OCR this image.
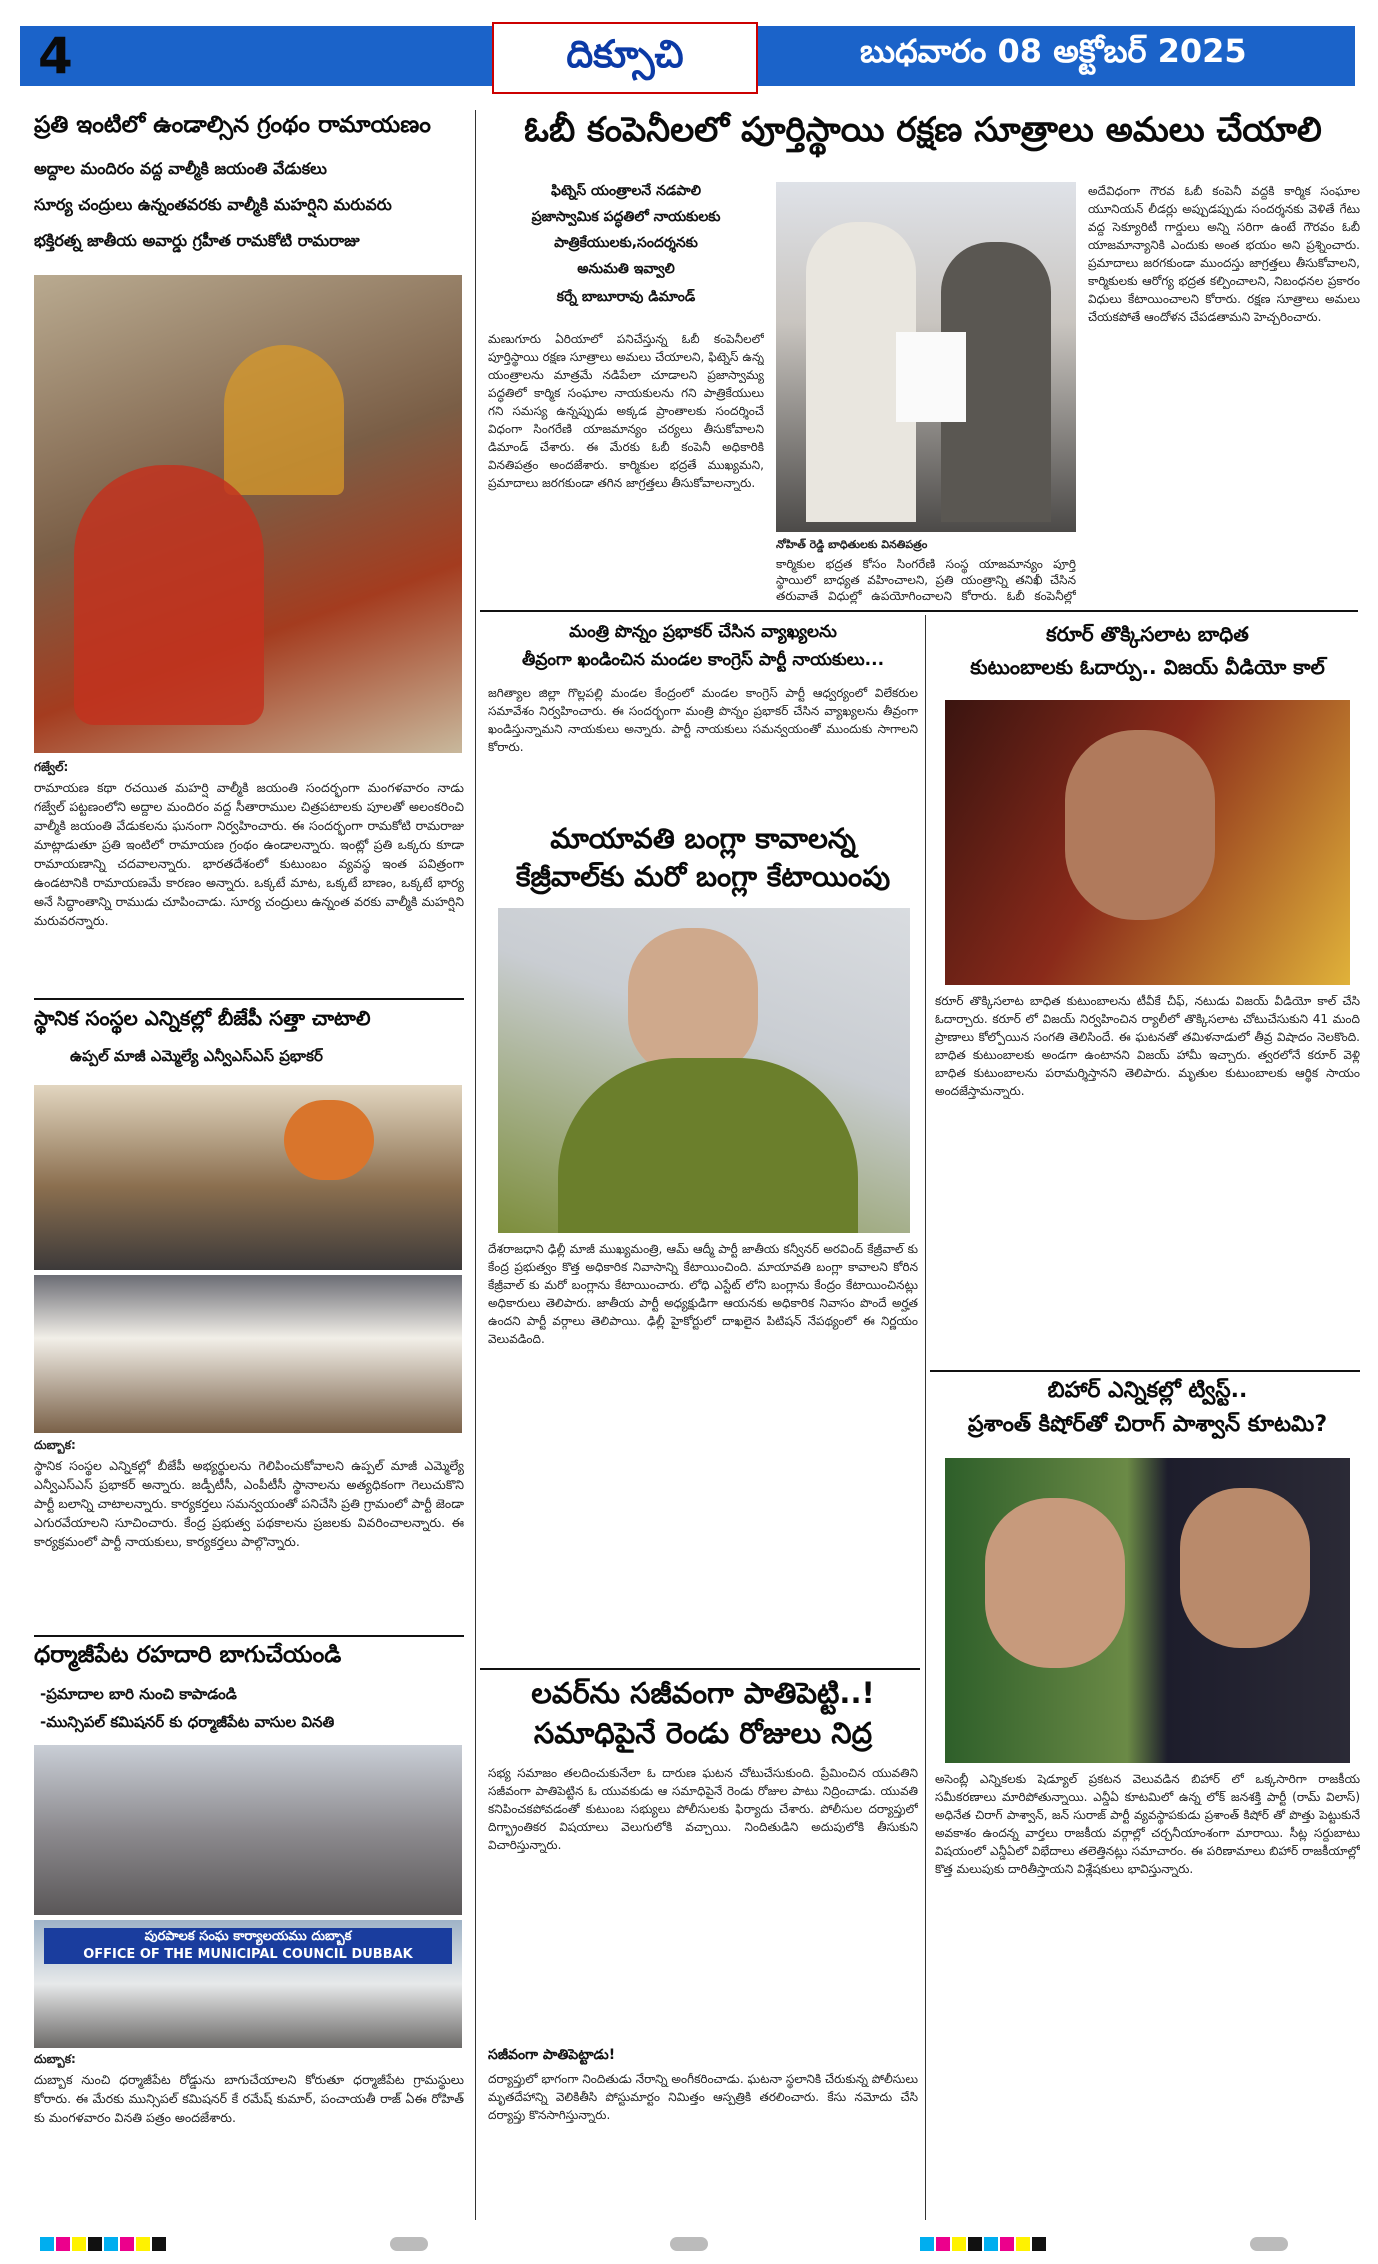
4	దిక్సూచి	బుధవారం 08 అక్టోబర్ 2025
ప్రతి ఇంటిలో ఉండాల్సిన గ్రంథం రామాయణం
అద్దాల మందిరం వద్ద వాల్మీకి జయంతి వేడుకలు
సూర్య చంద్రులు ఉన్నంతవరకు వాల్మీకి మహర్షిని మరువరు
భక్తిరత్న జాతీయ అవార్డు గ్రహీత రామకోటి రామరాజు
గజ్వేల్:
రామాయణ కథా రచయిత మహర్షి వాల్మీకి జయంతి సందర్భంగా మంగళవారం నాడు గజ్వేల్ పట్టణంలోని అద్దాల మందిరం వద్ద సీతారాముల చిత్రపటాలకు పూలతో అలంకరించి వాల్మీకి జయంతి వేడుకలను ఘనంగా నిర్వహించారు. ఈ సందర్భంగా రామకోటి రామరాజు మాట్లాడుతూ ప్రతి ఇంటిలో రామాయణ గ్రంథం ఉండాలన్నారు. ఇంట్లో ప్రతి ఒక్కరు కూడా రామాయణాన్ని చదవాలన్నారు. భారతదేశంలో కుటుంబం వ్యవస్థ ఇంత పవిత్రంగా ఉండటానికి రామాయణమే కారణం అన్నారు. ఒక్కటే మాట, ఒక్కటే బాణం, ఒక్కటే భార్య అనే సిద్ధాంతాన్ని రాముడు చూపించాడు. సూర్య చంద్రులు ఉన్నంత వరకు వాల్మీకి మహర్షిని మరువరన్నారు.
స్థానిక సంస్థల ఎన్నికల్లో బీజేపీ సత్తా చాటాలి
ఉప్పల్ మాజీ ఎమ్మెల్యే ఎన్వీఎస్ఎస్ ప్రభాకర్
దుబ్బాక:
స్థానిక సంస్థల ఎన్నికల్లో బీజేపీ అభ్యర్థులను గెలిపించుకోవాలని ఉప్పల్ మాజీ ఎమ్మెల్యే ఎన్వీఎస్ఎస్ ప్రభాకర్ అన్నారు. జడ్పీటీసీ, ఎంపీటీసీ స్థానాలను అత్యధికంగా గెలుచుకొని పార్టీ బలాన్ని చాటాలన్నారు. కార్యకర్తలు సమన్వయంతో పనిచేసి ప్రతి గ్రామంలో పార్టీ జెండా ఎగురవేయాలని సూచించారు. కేంద్ర ప్రభుత్వ పథకాలను ప్రజలకు వివరించాలన్నారు. ఈ కార్యక్రమంలో పార్టీ నాయకులు, కార్యకర్తలు పాల్గొన్నారు.
ధర్మాజీపేట రహదారి బాగుచేయండి
-ప్రమాదాల బారి నుంచి కాపాడండి
-మున్సిపల్ కమిషనర్ కు ధర్మాజీపేట వాసుల వినతి
పురపాలక సంఘ కార్యాలయము దుబ్బాక
OFFICE OF THE MUNICIPAL COUNCIL DUBBAK
దుబ్బాక:
దుబ్బాక నుంచి ధర్మాజీపేట రోడ్డును బాగుచేయాలని కోరుతూ ధర్మాజీపేట గ్రామస్థులు కోరారు. ఈ మేరకు మున్సిపల్ కమిషనర్ కే రమేష్ కుమార్, పంచాయతీ రాజ్ ఏఈ రోహిత్ కు మంగళవారం వినతి పత్రం అందజేశారు.
ఓబీ కంపెనీలలో పూర్తిస్థాయి రక్షణ సూత్రాలు అమలు చేయాలి
ఫిట్నెస్ యంత్రాలనే నడపాలి
ప్రజాస్వామిక పద్ధతిలో నాయకులకు
పాత్రికేయులకు,సందర్శనకు
అనుమతి ఇవ్వాలి
కర్నే బాబూరావు డిమాండ్
మణుగూరు ఏరియాలో పనిచేస్తున్న ఓబీ కంపెనీలలో పూర్తిస్థాయి రక్షణ సూత్రాలు అమలు చేయాలని, ఫిట్నెస్ ఉన్న యంత్రాలను మాత్రమే నడిపేలా చూడాలని ప్రజాస్వామ్య పద్ధతిలో కార్మిక సంఘాల నాయకులను గని పాత్రికేయులు గని సమస్య ఉన్నప్పుడు అక్కడ ప్రాంతాలకు సందర్శించే విధంగా సింగరేణి యాజమాన్యం చర్యలు తీసుకోవాలని డిమాండ్ చేశారు. ఈ మేరకు ఓబీ కంపెనీ అధికారికి వినతిపత్రం అందజేశారు. కార్మికుల భద్రతే ముఖ్యమని, ప్రమాదాలు జరగకుండా తగిన జాగ్రత్తలు తీసుకోవాలన్నారు.
నోహిత్ రెడ్డి బాధితులకు వినతిపత్రం
కార్మికుల భద్రత కోసం సింగరేణి సంస్థ యాజమాన్యం పూర్తి స్థాయిలో బాధ్యత వహించాలని, ప్రతి యంత్రాన్ని తనిఖీ చేసిన తరువాతే విధుల్లో ఉపయోగించాలని కోరారు. ఓబీ కంపెనీల్లో
అదేవిధంగా గౌరవ ఓబీ కంపెనీ వద్దకి కార్మిక సంఘాల యూనియన్ లీడర్లు అప్పుడప్పుడు సందర్శనకు వెళితే గేటు వద్ద సెక్యూరిటీ గార్డులు అన్ని సరిగా ఉంటే గౌరవం ఓబీ యాజమాన్యానికి ఎందుకు అంత భయం అని ప్రశ్నించారు. ప్రమాదాలు జరగకుండా ముందస్తు జాగ్రత్తలు తీసుకోవాలని, కార్మికులకు ఆరోగ్య భద్రత కల్పించాలని, నిబంధనల ప్రకారం విధులు కేటాయించాలని కోరారు. రక్షణ సూత్రాలు అమలు చేయకపోతే ఆందోళన చేపడతామని హెచ్చరించారు.
మంత్రి పొన్నం ప్రభాకర్ చేసిన వ్యాఖ్యలను
తీవ్రంగా ఖండించిన మండల కాంగ్రెస్ పార్టీ నాయకులు...
జగిత్యాల జిల్లా గొల్లపల్లి మండల కేంద్రంలో మండల కాంగ్రెస్ పార్టీ ఆధ్వర్యంలో విలేకరుల సమావేశం నిర్వహించారు. ఈ సందర్భంగా మంత్రి పొన్నం ప్రభాకర్ చేసిన వ్యాఖ్యలను తీవ్రంగా ఖండిస్తున్నామని నాయకులు అన్నారు. పార్టీ నాయకులు సమన్వయంతో ముందుకు సాగాలని కోరారు.
మాయావతి బంగ్లా కావాలన్న
కేజ్రీవాల్‌కు మరో బంగ్లా కేటాయింపు
దేశరాజధాని ఢిల్లీ మాజీ ముఖ్యమంత్రి, ఆమ్ ఆద్మీ పార్టీ జాతీయ కన్వీనర్ అరవింద్ కేజ్రీవాల్ కు కేంద్ర ప్రభుత్వం కొత్త అధికారిక నివాసాన్ని కేటాయించింది. మాయావతి బంగ్లా కావాలని కోరిన కేజ్రీవాల్ కు మరో బంగ్లాను కేటాయించారు. లోధి ఎస్టేట్ లోని బంగ్లాను కేంద్రం కేటాయించినట్లు అధికారులు తెలిపారు. జాతీయ పార్టీ అధ్యక్షుడిగా ఆయనకు అధికారిక నివాసం పొందే అర్హత ఉందని పార్టీ వర్గాలు తెలిపాయి. ఢిల్లీ హైకోర్టులో దాఖలైన పిటిషన్ నేపథ్యంలో ఈ నిర్ణయం వెలువడింది.
లవర్‌ను సజీవంగా పాతిపెట్టి..!
సమాధిపైనే రెండు రోజులు నిద్ర
సభ్య సమాజం తలదించుకునేలా ఓ దారుణ ఘటన చోటుచేసుకుంది. ప్రేమించిన యువతిని సజీవంగా పాతిపెట్టిన ఓ యువకుడు ఆ సమాధిపైనే రెండు రోజుల పాటు నిద్రించాడు. యువతి కనిపించకపోవడంతో కుటుంబ సభ్యులు పోలీసులకు ఫిర్యాదు చేశారు. పోలీసుల దర్యాప్తులో దిగ్భ్రాంతికర విషయాలు వెలుగులోకి వచ్చాయి. నిందితుడిని అదుపులోకి తీసుకుని విచారిస్తున్నారు.
సజీవంగా పాతిపెట్టాడు!
దర్యాప్తులో భాగంగా నిందితుడు నేరాన్ని అంగీకరించాడు. ఘటనా స్థలానికి చేరుకున్న పోలీసులు మృతదేహాన్ని వెలికితీసి పోస్టుమార్టం నిమిత్తం ఆస్పత్రికి తరలించారు. కేసు నమోదు చేసి దర్యాప్తు కొనసాగిస్తున్నారు.
కరూర్ తొక్కిసలాట బాధిత
కుటుంబాలకు ఓదార్పు.. విజయ్ వీడియో కాల్
కరూర్ తొక్కిసలాట బాధిత కుటుంబాలను టీవీకే చీఫ్, నటుడు విజయ్ వీడియో కాల్ చేసి ఓదార్చారు. కరూర్ లో విజయ్ నిర్వహించిన ర్యాలీలో తొక్కిసలాట చోటుచేసుకుని 41 మంది ప్రాణాలు కోల్పోయిన సంగతి తెలిసిందే. ఈ ఘటనతో తమిళనాడులో తీవ్ర విషాదం నెలకొంది. బాధిత కుటుంబాలకు అండగా ఉంటానని విజయ్ హామీ ఇచ్చారు. త్వరలోనే కరూర్ వెళ్లి బాధిత కుటుంబాలను పరామర్శిస్తానని తెలిపారు. మృతుల కుటుంబాలకు ఆర్థిక సాయం అందజేస్తామన్నారు.
బిహార్ ఎన్నికల్లో ట్విస్ట్..
ప్రశాంత్ కిషోర్‌తో చిరాగ్ పాశ్వాన్ కూటమి?
అసెంబ్లీ ఎన్నికలకు షెడ్యూల్ ప్రకటన వెలువడిన బిహార్ లో ఒక్కసారిగా రాజకీయ సమీకరణాలు మారిపోతున్నాయి. ఎన్డీఏ కూటమిలో ఉన్న లోక్ జనశక్తి పార్టీ (రామ్ విలాస్) అధినేత చిరాగ్ పాశ్వాన్, జన్ సురాజ్ పార్టీ వ్యవస్థాపకుడు ప్రశాంత్ కిషోర్ తో పొత్తు పెట్టుకునే అవకాశం ఉందన్న వార్తలు రాజకీయ వర్గాల్లో చర్చనీయాంశంగా మారాయి. సీట్ల సర్దుబాటు విషయంలో ఎన్డీఏలో విభేదాలు తలెత్తినట్లు సమాచారం. ఈ పరిణామాలు బిహార్ రాజకీయాల్లో కొత్త మలుపుకు దారితీస్తాయని విశ్లేషకులు భావిస్తున్నారు.
